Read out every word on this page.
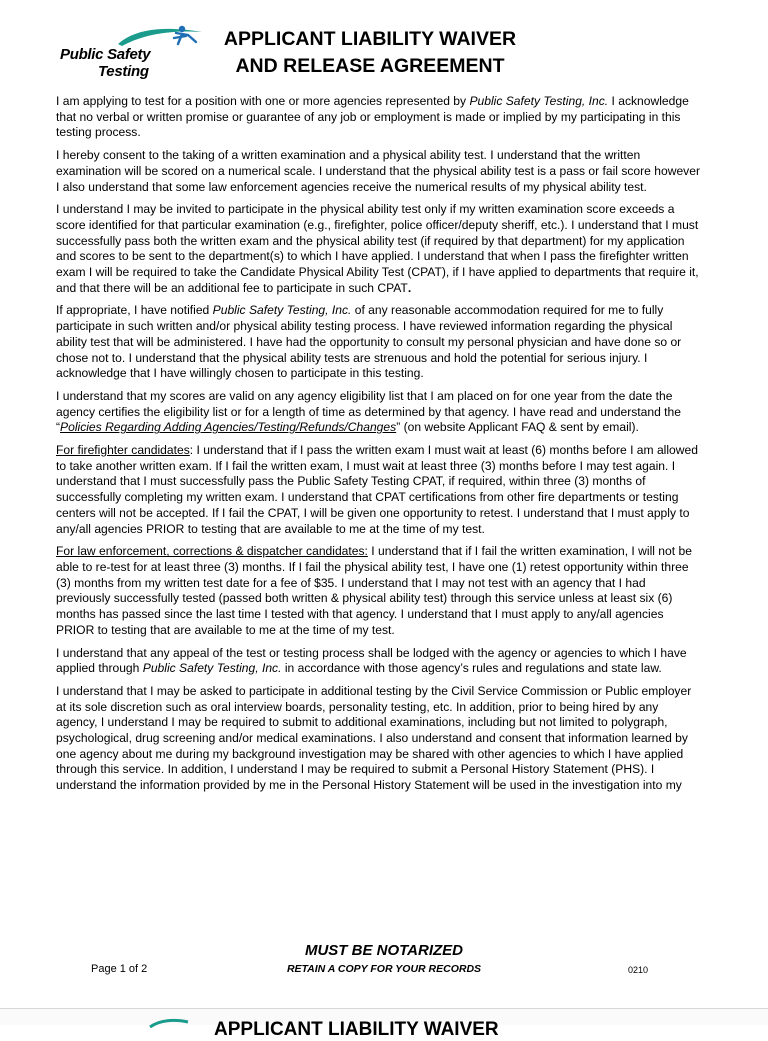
Public Safety
Testing
APPLICANT LIABILITY WAIVER
AND RELEASE AGREEMENT

I am applying to test for a position with one or more agencies represented by Public Safety Testing, Inc. I acknowledge that no verbal or written promise or guarantee of any job or employment is made or implied by my participating in this testing process.

I hereby consent to the taking of a written examination and a physical ability test. I understand that the written examination will be scored on a numerical scale. I understand that the physical ability test is a pass or fail score however I also understand that some law enforcement agencies receive the numerical results of my physical ability test.

I understand I may be invited to participate in the physical ability test only if my written examination score exceeds a score identified for that particular examination (e.g., firefighter, police officer/deputy sheriff, etc.). I understand that I must successfully pass both the written exam and the physical ability test (if required by that department) for my application and scores to be sent to the department(s) to which I have applied. I understand that when I pass the firefighter written exam I will be required to take the Candidate Physical Ability Test (CPAT), if I have applied to departments that require it, and that there will be an additional fee to participate in such CPAT.

If appropriate, I have notified Public Safety Testing, Inc. of any reasonable accommodation required for me to fully participate in such written and/or physical ability testing process. I have reviewed information regarding the physical ability test that will be administered. I have had the opportunity to consult my personal physician and have done so or chose not to. I understand that the physical ability tests are strenuous and hold the potential for serious injury. I acknowledge that I have willingly chosen to participate in this testing.

I understand that my scores are valid on any agency eligibility list that I am placed on for one year from the date the agency certifies the eligibility list or for a length of time as determined by that agency. I have read and understand the “Policies Regarding Adding Agencies/Testing/Refunds/Changes” (on website Applicant FAQ & sent by email).

For firefighter candidates: I understand that if I pass the written exam I must wait at least (6) months before I am allowed to take another written exam. If I fail the written exam, I must wait at least three (3) months before I may test again. I understand that I must successfully pass the Public Safety Testing CPAT, if required, within three (3) months of successfully completing my written exam. I understand that CPAT certifications from other fire departments or testing centers will not be accepted. If I fail the CPAT, I will be given one opportunity to retest. I understand that I must apply to any/all agencies PRIOR to testing that are available to me at the time of my test.

For law enforcement, corrections & dispatcher candidates: I understand that if I fail the written examination, I will not be able to re-test for at least three (3) months. If I fail the physical ability test, I have one (1) retest opportunity within three (3) months from my written test date for a fee of $35. I understand that I may not test with an agency that I had previously successfully tested (passed both written & physical ability test) through this service unless at least six (6) months has passed since the last time I tested with that agency. I understand that I must apply to any/all agencies PRIOR to testing that are available to me at the time of my test.

I understand that any appeal of the test or testing process shall be lodged with the agency or agencies to which I have applied through Public Safety Testing, Inc. in accordance with those agency’s rules and regulations and state law.

I understand that I may be asked to participate in additional testing by the Civil Service Commission or Public employer at its sole discretion such as oral interview boards, personality testing, etc. In addition, prior to being hired by any agency, I understand I may be required to submit to additional examinations, including but not limited to polygraph, psychological, drug screening and/or medical examinations. I also understand and consent that information learned by one agency about me during my background investigation may be shared with other agencies to which I have applied through this service. In addition, I understand I may be required to submit a Personal History Statement (PHS). I understand the information provided by me in the Personal History Statement will be used in the investigation into my

MUST BE NOTARIZED
Page 1 of 2	RETAIN A COPY FOR YOUR RECORDS	0210
APPLICANT LIABILITY WAIVER
